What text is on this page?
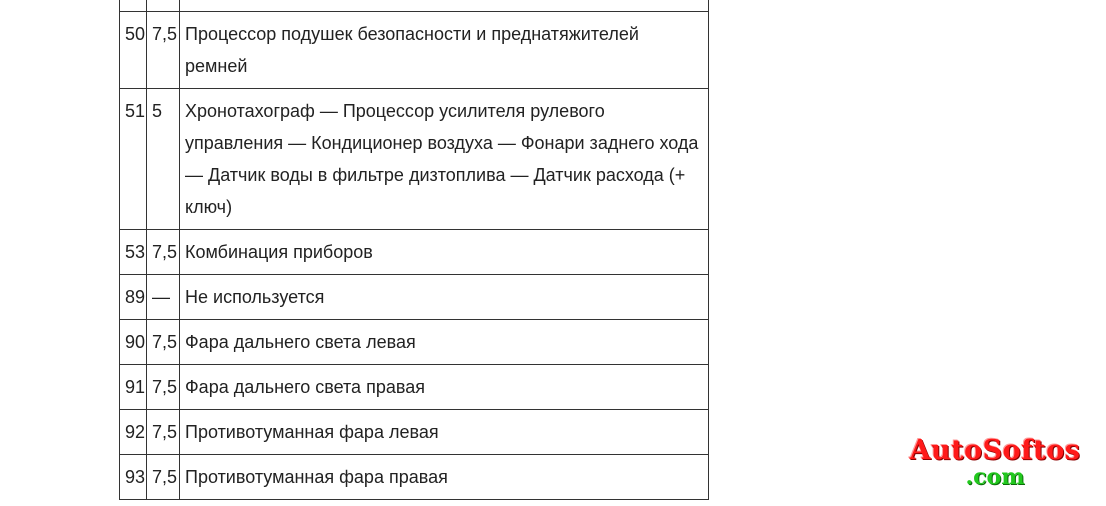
50	7,5	Процессор подушек безопасности и преднатяжителей ремней
51	5	Хронотахограф — Процессор усилителя рулевого управления — Кондиционер воздуха — Фонари заднего хода — Датчик воды в фильтре дизтоплива — Датчик расхода (+ ключ)
53	7,5	Комбинация приборов
89	—	Не используется
90	7,5	Фара дальнего света левая
91	7,5	Фара дальнего света правая
92	7,5	Противотуманная фара левая
93	7,5	Противотуманная фара правая
AutoSoftos
.com
